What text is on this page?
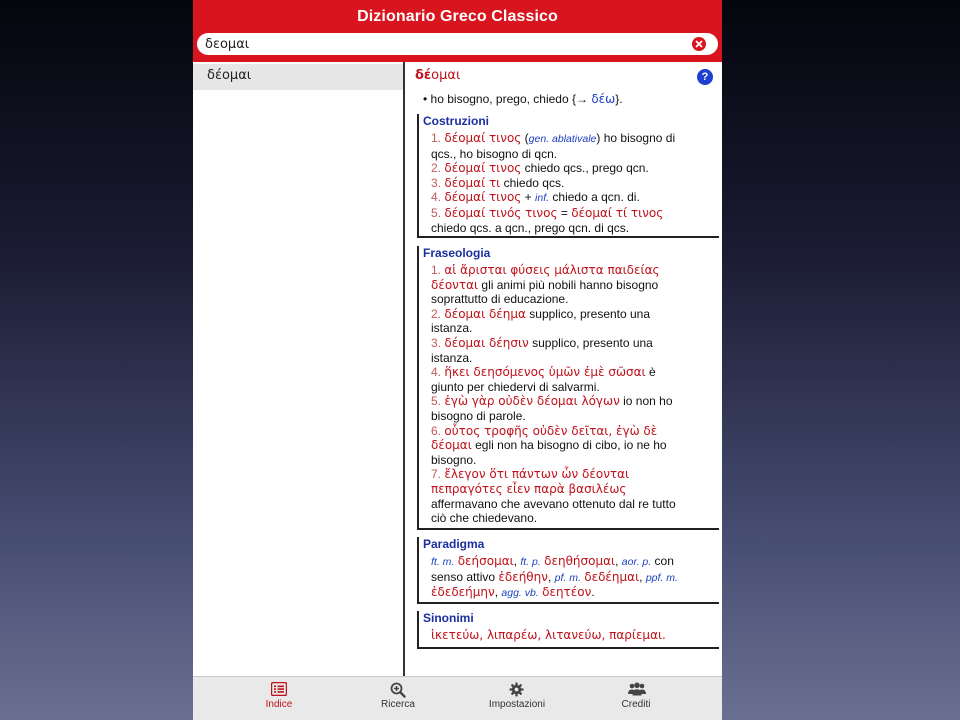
Dizionario Greco Classico
δεομαι
δέομαι	δέομαι	?
• ho bisogno, prego, chiedo {→ δέω}.
Costruzioni
1. δέομαί τινος (gen. ablativale) ho bisogno di
qcs., ho bisogno di qcn.
2. δέομαί τινος chiedo qcs., prego qcn.
3. δέομαί τι chiedo qcs.
4. δέομαί τινος + inf. chiedo a qcn. di.
5. δέομαί τινός τινος = δέομαί τί τινος
chiedo qcs. a qcn., prego qcn. di qcs.
Fraseologia
1. αἱ ἄρισται φύσεις μάλιστα παιδείας
δέονται gli animi più nobili hanno bisogno
soprattutto di educazione.
2. δέομαι δέημα supplico, presento una
istanza.
3. δέομαι δέησιν supplico, presento una
istanza.
4. ἥκει δεησόμενος ὑμῶν ἐμὲ σῶσαι è
giunto per chiedervi di salvarmi.
5. ἐγὼ γὰρ οὐδὲν δέομαι λόγων io non ho
bisogno di parole.
6. οὗτος τροφῆς οὐδὲν δεῖται, ἐγὼ δὲ
δέομαι egli non ha bisogno di cibo, io ne ho
bisogno.
7. ἔλεγον ὅτι πάντων ὧν δέονται
πεπραγότες εἶεν παρὰ βασιλέως
affermavano che avevano ottenuto dal re tutto
ciò che chiedevano.
Paradigma
ft. m. δεήσομαι, ft. p. δεηθήσομαι, aor. p. con
senso attivo ἐδεήθην, pf. m. δεδέημαι, ppf. m.
ἐδεδεήμην, agg. vb. δεητέον.
Sinonimi
ἱκετεύω, λιπαρέω, λιτανεύω, παρίεμαι.
Indice	Ricerca	Impostazioni	Crediti
